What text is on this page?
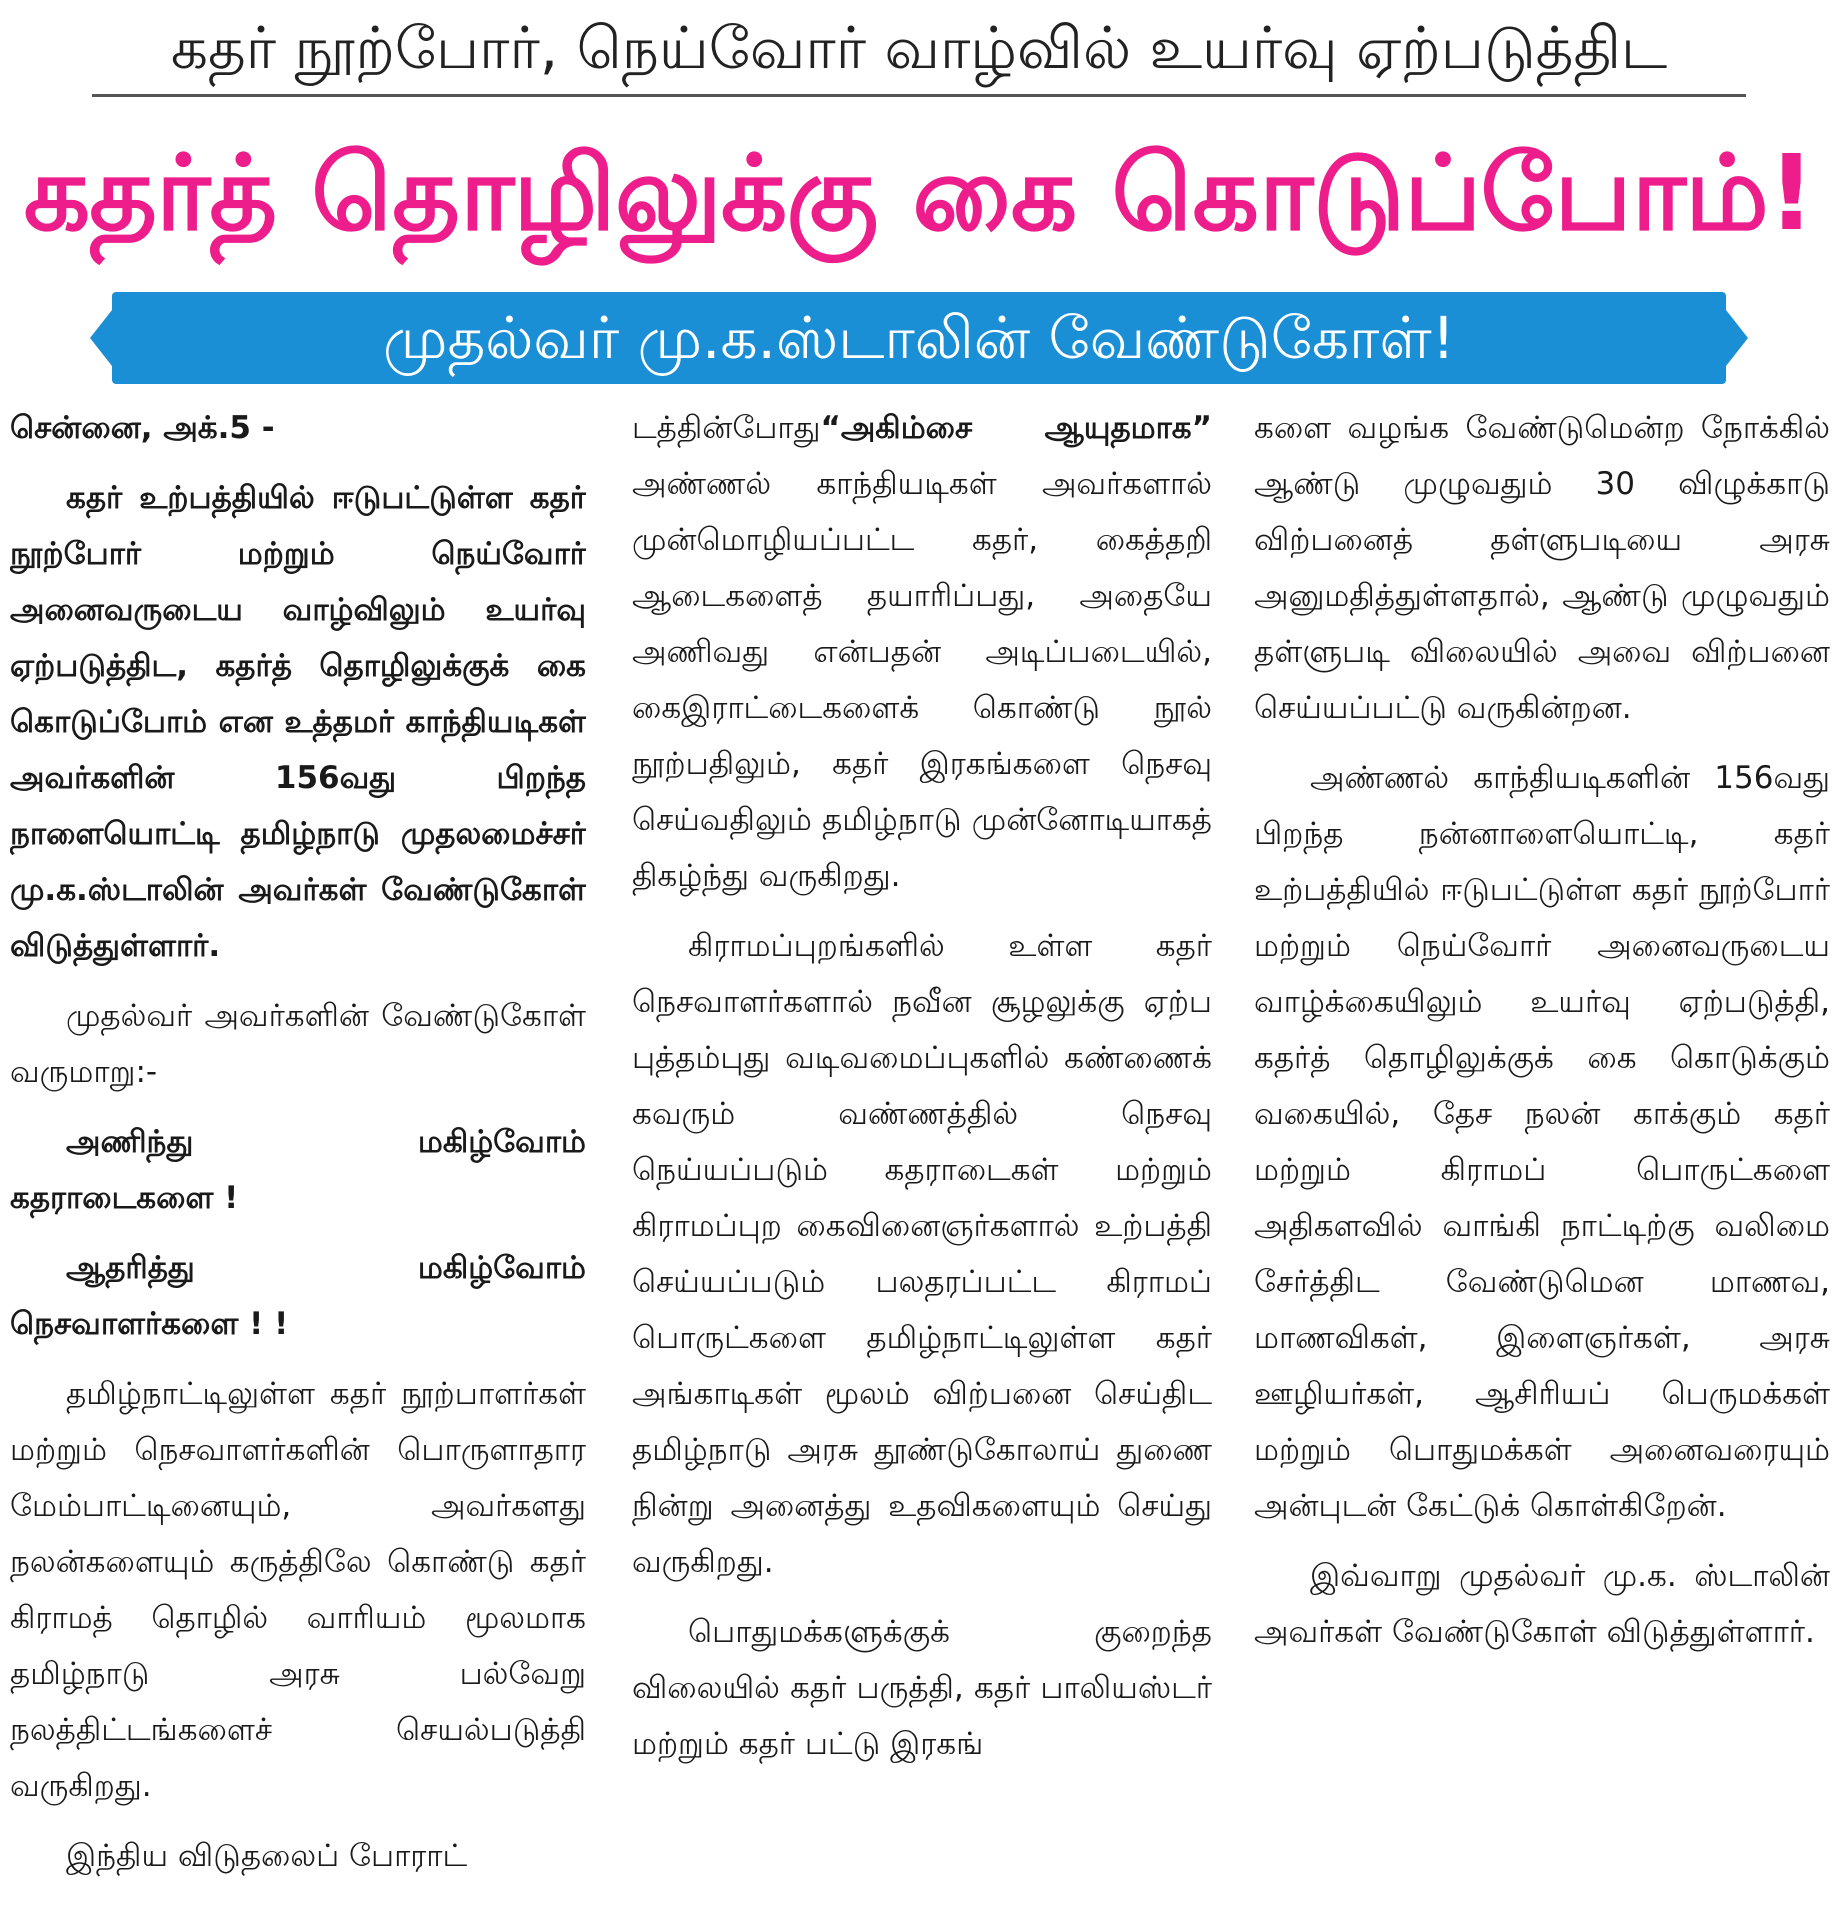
கதர் நூற்போர், நெய்வோர் வாழ்வில் உயர்வு ஏற்படுத்திட
கதர்த் தொழிலுக்கு கை கொடுப்போம்!
முதல்வர் மு.க.ஸ்டாலின் வேண்டுகோள்!

சென்னை, அக்.5 -

கதர் உற்பத்தியில் ஈடுபட்டுள்ள கதர் நூற்போர் மற்றும் நெய்வோர் அனைவருடைய வாழ்விலும் உயர்வு ஏற்படுத்திட, கதர்த் தொழிலுக்குக் கை கொடுப்போம் என உத்தமர் காந்தியடிகள் அவர்களின் 156வது பிறந்த நாளையொட்டி தமிழ்நாடு முதலமைச்சர் மு.க.ஸ்டாலின் அவர்கள் வேண்டுகோள் விடுத்துள்ளார்.

முதல்வர் அவர்களின் வேண்டுகோள் வருமாறு:-

அணிந்து மகிழ்வோம் கதராடைகளை !

ஆதரித்து மகிழ்வோம் நெசவாளர்களை ! !

தமிழ்நாட்டிலுள்ள கதர் நூற்பாளர்கள் மற்றும் நெசவாளர்களின் பொருளாதார மேம்பாட்டினையும், அவர்களது நலன்களையும் கருத்திலே கொண்டு கதர் கிராமத் தொழில் வாரியம் மூலமாக தமிழ்நாடு அரசு பல்வேறு நலத்திட்டங்களைச் செயல்படுத்தி வருகிறது.

இந்திய விடுதலைப் போராட்

டத்தின்போது“அகிம்சை ஆயுதமாக” அண்ணல் காந்தியடிகள் அவர்களால் முன்மொழியப்பட்ட கதர், கைத்தறி ஆடைகளைத் தயாரிப்பது, அதையே அணிவது என்பதன் அடிப்படையில், கைஇராட்டைகளைக் கொண்டு நூல் நூற்பதிலும், கதர் இரகங்களை நெசவு செய்வதிலும் தமிழ்நாடு முன்னோடியாகத் திகழ்ந்து வருகிறது.

கிராமப்புறங்களில் உள்ள கதர் நெசவாளர்களால் நவீன சூழலுக்கு ஏற்ப புத்தம்புது வடிவமைப்புகளில் கண்ணைக் கவரும் வண்ணத்தில் நெசவு நெய்யப்படும் கதராடைகள் மற்றும் கிராமப்புற கைவினைஞர்களால் உற்பத்தி செய்யப்படும் பலதரப்பட்ட கிராமப் பொருட்களை தமிழ்நாட்டிலுள்ள கதர் அங்காடிகள் மூலம் விற்பனை செய்திட தமிழ்நாடு அரசு தூண்டுகோலாய் துணை நின்று அனைத்து உதவிகளையும் செய்து வருகிறது.

பொதுமக்களுக்குக் குறைந்த விலையில் கதர் பருத்தி, கதர் பாலியஸ்டர் மற்றும் கதர் பட்டு இரகங்

களை வழங்க வேண்டுமென்ற நோக்கில் ஆண்டு முழுவதும் 30 விழுக்காடு விற்பனைத் தள்ளுபடியை அரசு அனுமதித்துள்ளதால், ஆண்டு முழுவதும் தள்ளுபடி விலையில் அவை விற்பனை செய்யப்பட்டு வருகின்றன.

அண்ணல் காந்தியடிகளின் 156வது பிறந்த நன்னாளையொட்டி, கதர் உற்பத்தியில் ஈடுபட்டுள்ள கதர் நூற்போர் மற்றும் நெய்வோர் அனைவருடைய வாழ்க்கையிலும் உயர்வு ஏற்படுத்தி, கதர்த் தொழிலுக்குக் கை கொடுக்கும் வகையில், தேச நலன் காக்கும் கதர் மற்றும் கிராமப் பொருட்களை அதிகளவில் வாங்கி நாட்டிற்கு வலிமை சேர்த்திட வேண்டுமென மாணவ, மாணவிகள், இளைஞர்கள், அரசு ஊழியர்கள், ஆசிரியப் பெருமக்கள் மற்றும் பொதுமக்கள் அனைவரையும் அன்புடன் கேட்டுக் கொள்கிறேன்.

இவ்வாறு முதல்வர் மு.க. ஸ்டாலின் அவர்கள் வேண்டுகோள் விடுத்துள்ளார்.
